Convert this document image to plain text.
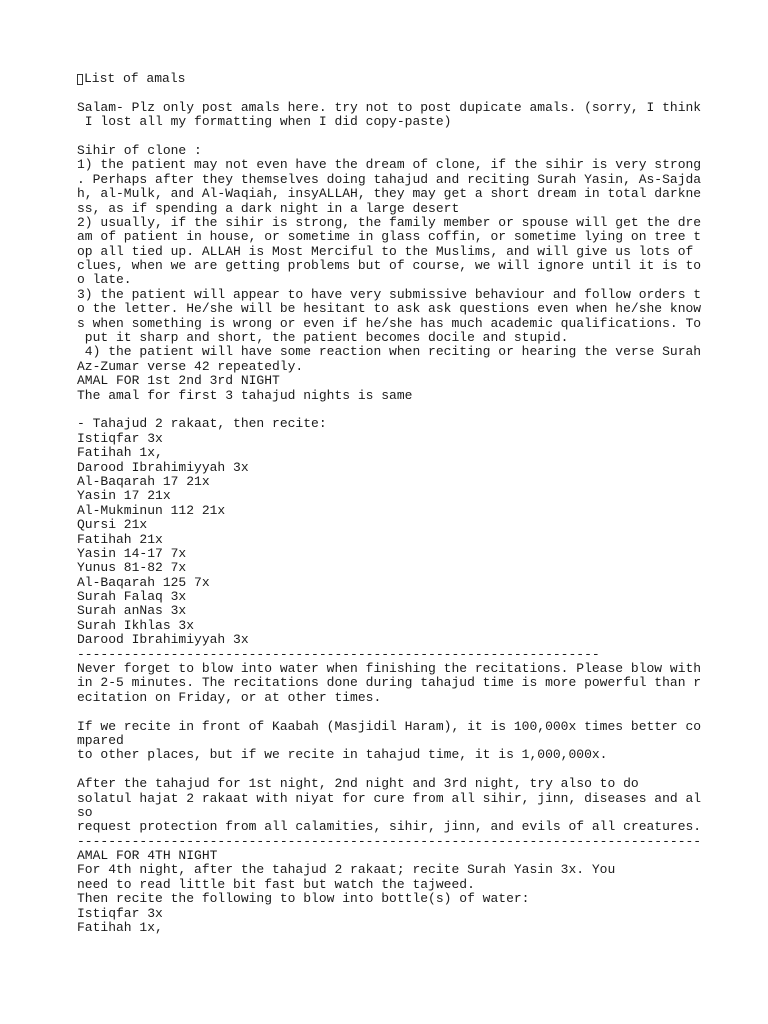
List of amals
Salam- Plz only post amals here. try not to post dupicate amals. (sorry, I think
I lost all my formatting when I did copy-paste)
Sihir of clone :
1) the patient may not even have the dream of clone, if the sihir is very strong
. Perhaps after they themselves doing tahajud and reciting Surah Yasin, As-Sajda
h, al-Mulk, and Al-Waqiah, insyALLAH, they may get a short dream in total darkne
ss, as if spending a dark night in a large desert
2) usually, if the sihir is strong, the family member or spouse will get the dre
am of patient in house, or sometime in glass coffin, or sometime lying on tree t
op all tied up. ALLAH is Most Merciful to the Muslims, and will give us lots of
clues, when we are getting problems but of course, we will ignore until it is to
o late.
3) the patient will appear to have very submissive behaviour and follow orders t
o the letter. He/she will be hesitant to ask ask questions even when he/she know
s when something is wrong or even if he/she has much academic qualifications. To
put it sharp and short, the patient becomes docile and stupid.
4) the patient will have some reaction when reciting or hearing the verse Surah
Az-Zumar verse 42 repeatedly.
AMAL FOR 1st 2nd 3rd NIGHT
The amal for first 3 tahajud nights is same
- Tahajud 2 rakaat, then recite:
Istiqfar 3x
Fatihah 1x,
Darood Ibrahimiyyah 3x
Al-Baqarah 17 21x
Yasin 17 21x
Al-Mukminun 112 21x
Qursi 21x
Fatihah 21x
Yasin 14-17 7x
Yunus 81-82 7x
Al-Baqarah 125 7x
Surah Falaq 3x
Surah anNas 3x
Surah Ikhlas 3x
Darood Ibrahimiyyah 3x
-------------------------------------------------------------------
Never forget to blow into water when finishing the recitations. Please blow with
in 2-5 minutes. The recitations done during tahajud time is more powerful than r
ecitation on Friday, or at other times.
If we recite in front of Kaabah (Masjidil Haram), it is 100,000x times better co
mpared
to other places, but if we recite in tahajud time, it is 1,000,000x.
After the tahajud for 1st night, 2nd night and 3rd night, try also to do
solatul hajat 2 rakaat with niyat for cure from all sihir, jinn, diseases and al
so
request protection from all calamities, sihir, jinn, and evils of all creatures.
--------------------------------------------------------------------------------
AMAL FOR 4TH NIGHT
For 4th night, after the tahajud 2 rakaat; recite Surah Yasin 3x. You
need to read little bit fast but watch the tajweed.
Then recite the following to blow into bottle(s) of water:
Istiqfar 3x
Fatihah 1x,
